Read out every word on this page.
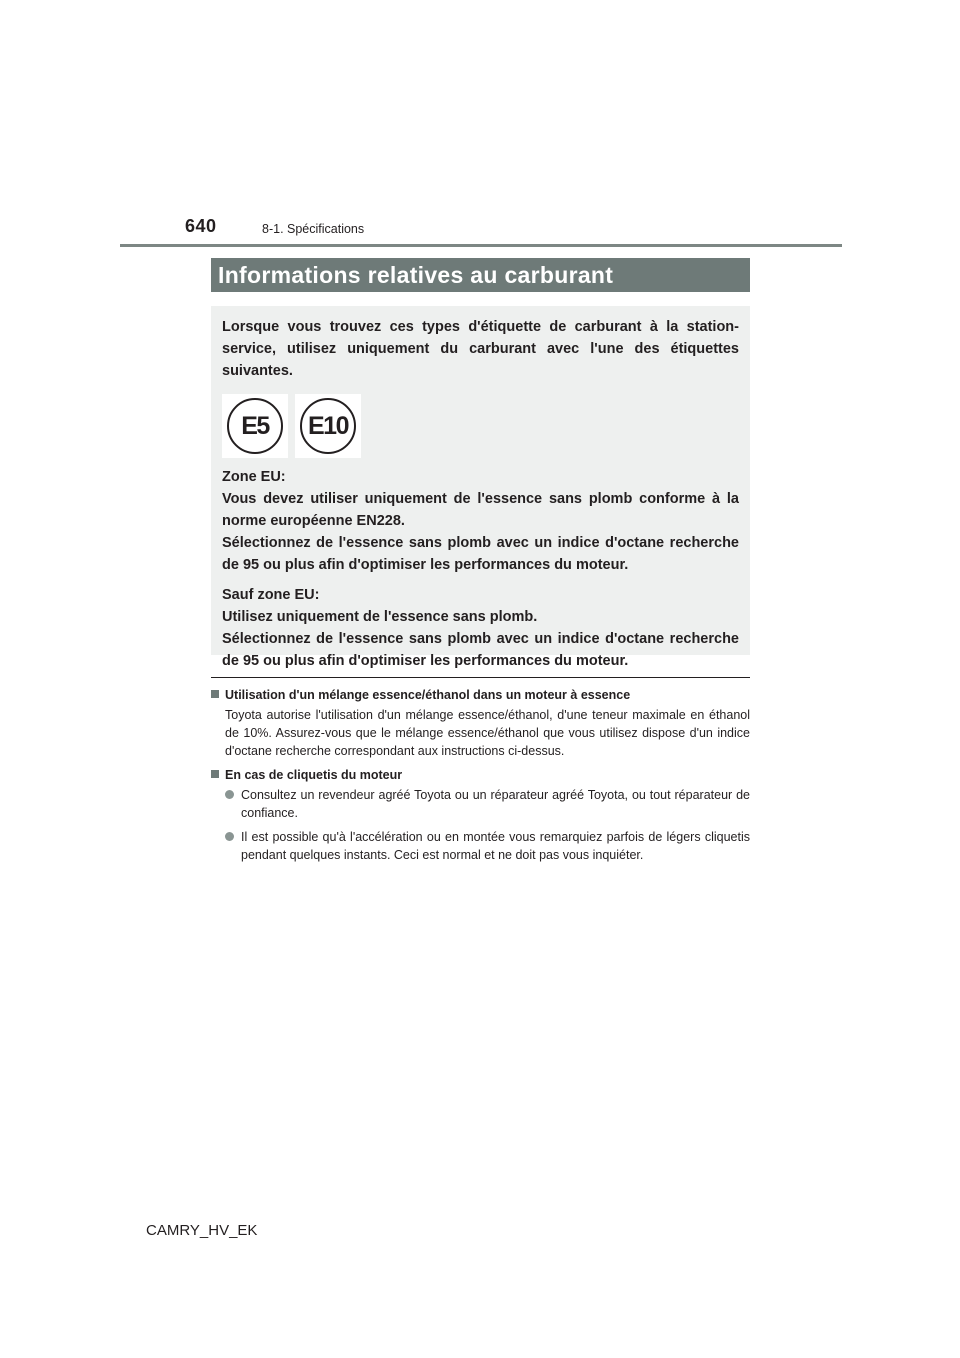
640	8-1. Spécifications
Informations relatives au carburant

Lorsque vous trouvez ces types d'étiquette de carburant à la station-service, utilisez uniquement du carburant avec l'une des étiquettes suivantes.

E5	E10

Zone EU:

Vous devez utiliser uniquement de l'essence sans plomb conforme à la norme européenne EN228.

Sélectionnez de l'essence sans plomb avec un indice d'octane recherche de 95 ou plus afin d'optimiser les performances du moteur.

Sauf zone EU:

Utilisez uniquement de l'essence sans plomb.

Sélectionnez de l'essence sans plomb avec un indice d'octane recherche de 95 ou plus afin d'optimiser les performances du moteur.

Utilisation d'un mélange essence/éthanol dans un moteur à essence

Toyota autorise l'utilisation d'un mélange essence/éthanol, d'une teneur maximale en éthanol de 10%. Assurez-vous que le mélange essence/éthanol que vous utilisez dispose d'un indice d'octane recherche correspondant aux instructions ci-dessus.

En cas de cliquetis du moteur
Consultez un revendeur agréé Toyota ou un réparateur agréé Toyota, ou tout réparateur de confiance.
Il est possible qu'à l'accélération ou en montée vous remarquiez parfois de légers cliquetis pendant quelques instants. Ceci est normal et ne doit pas vous inquiéter.
CAMRY_HV_EK
